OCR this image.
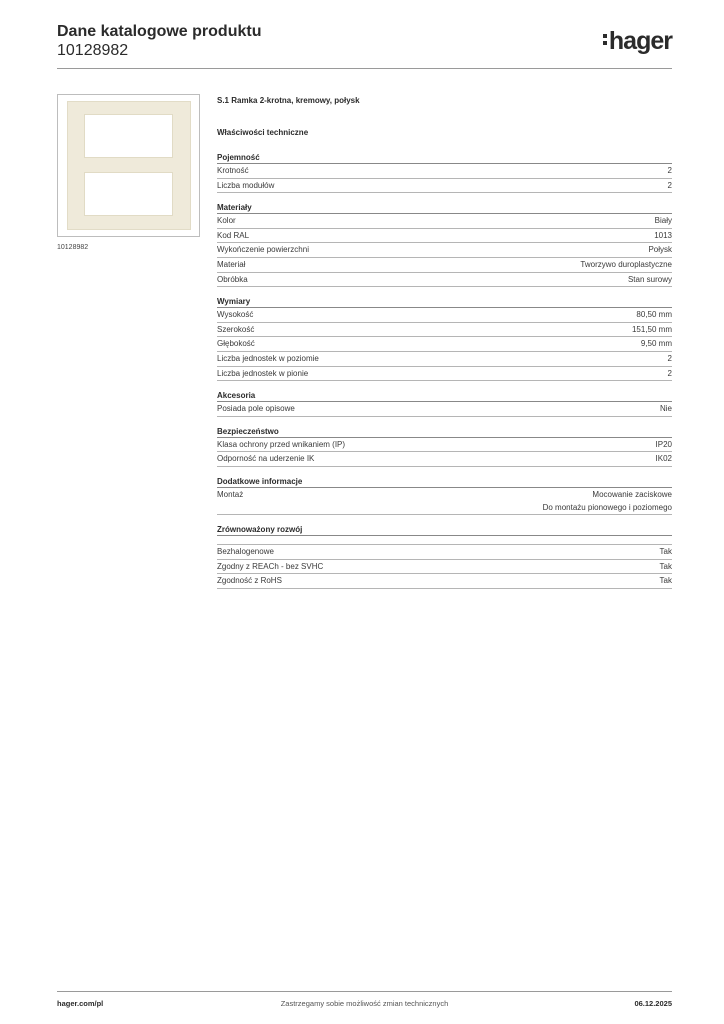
Dane katalogowe produktu
10128982	hager
10128982
S.1 Ramka 2-krotna, kremowy, połysk
Właściwości techniczne
Pojemność
Krotność	2
Liczba modułów	2
Materiały
Kolor	Biały
Kod RAL	1013
Wykończenie powierzchni	Połysk
Materiał	Tworzywo duroplastyczne
Obróbka	Stan surowy
Wymiary
Wysokość	80,50 mm
Szerokość	151,50 mm
Głębokość	9,50 mm
Liczba jednostek w poziomie	2
Liczba jednostek w pionie	2
Akcesoria
Posiada pole opisowe	Nie
Bezpieczeństwo
Klasa ochrony przed wnikaniem (IP)	IP20
Odporność na uderzenie IK	IK02
Dodatkowe informacje
Montaż	Mocowanie zaciskowe
Do montażu pionowego i poziomego
Zrównoważony rozwój
Bezhalogenowe	Tak
Zgodny z REACh - bez SVHC	Tak
Zgodność z RoHS	Tak
hager.com/pl	Zastrzegamy sobie możliwość zmian technicznych	06.12.2025
